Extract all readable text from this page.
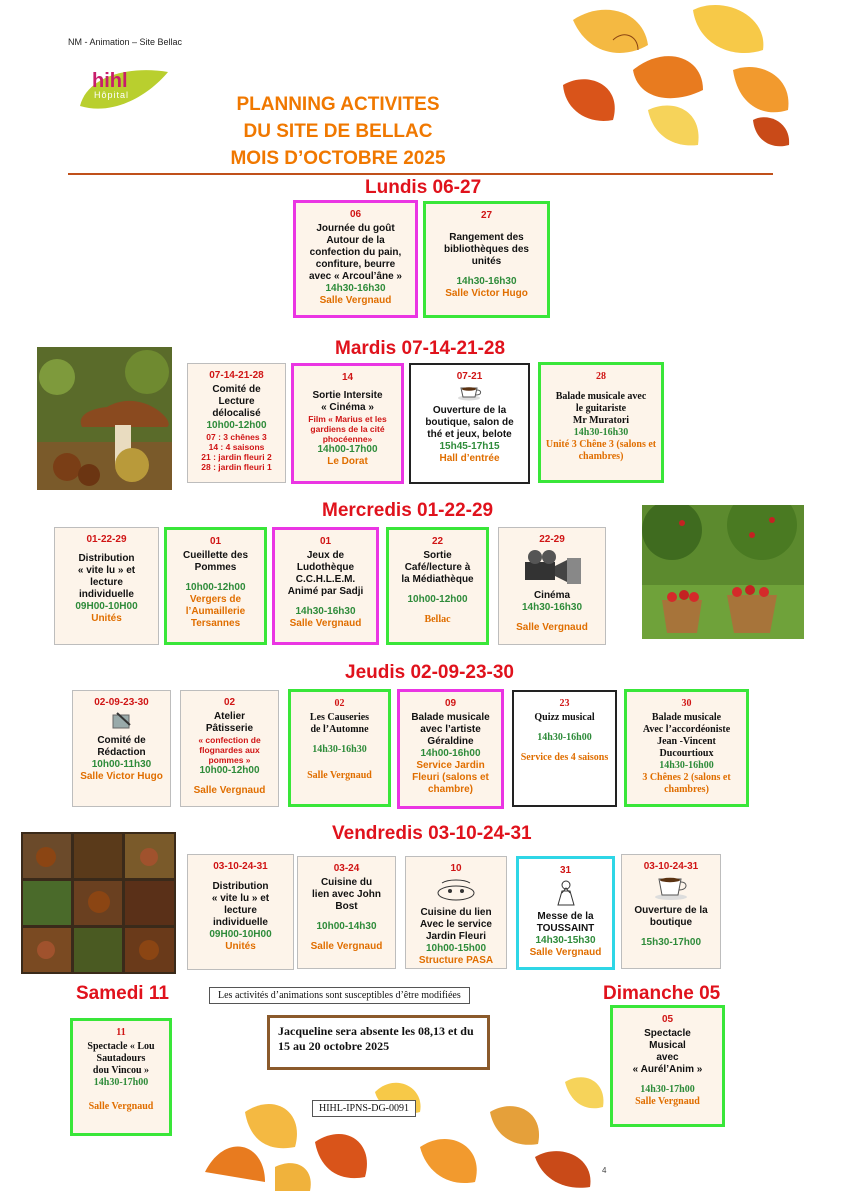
NM - Animation – Site Bellac
hihl
Hôpital	PLANNING ACTIVITES
DU SITE DE BELLAC
MOIS D’OCTOBRE 2025
Lundis 06-27
06
Journée du goût
Autour de la
confection du pain,
confiture, beurre
avec « Arcoul’âne »
14h30-16h30
Salle Vergnaud
27
Rangement des
bibliothèques des
unités
14h30-16h30
Salle Victor Hugo
Mardis 07-14-21-28
07-14-21-28
Comité de
Lecture
délocalisé
10h00-12h00
07 : 3 chênes 3
14 : 4 saisons
21 : jardin fleuri 2
28 : jardin fleuri 1
14
Sortie Intersite
« Cinéma »
Film « Marius et les gardiens de la cité phocéenne»
14h00-17h00
Le Dorat
07-21
Ouverture de la
boutique, salon de
thé et jeux, belote
15h45-17h15
Hall d’entrée
28
Balade musicale avec
le guitariste
Mr Muratori
14h30-16h30
Unité 3 Chêne 3 (salons et chambres)
Mercredis 01-22-29
01-22-29
Distribution
« vite lu » et
lecture
individuelle
09H00-10H00
Unités
01
Cueillette des
Pommes
10h00-12h00
Vergers de l’Aumaillerie Tersannes
01
Jeux de
Ludothèque
C.C.H.L.E.M.
Animé par Sadji
14h30-16h30
Salle Vergnaud
22
Sortie
Café/lecture à
la Médiathèque
10h00-12h00
Bellac
22-29
Cinéma
14h30-16h30
Salle Vergnaud
Jeudis 02-09-23-30
02-09-23-30
Comité de
Rédaction
10h00-11h30
Salle Victor Hugo
02
Atelier
Pâtisserie
« confection de flognardes aux pommes »
10h00-12h00
Salle Vergnaud
02
Les Causeries
de l’Automne
14h30-16h30
Salle Vergnaud
09
Balade musicale
avec l’artiste
Géraldine
14h00-16h00
Service Jardin Fleuri (salons et chambre)
23
Quizz musical
14h30-16h00
Service des 4 saisons
30
Balade musicale
Avec l’accordéoniste
Jean -Vincent
Ducourtioux
14h30-16h00
3 Chênes 2 (salons et chambres)
Vendredis 03-10-24-31
03-10-24-31
Distribution
« vite lu » et
lecture
individuelle
09H00-10H00
Unités
03-24
Cuisine du
lien avec John
Bost
10h00-14h30
Salle Vergnaud
10
Cuisine du lien
Avec le service
Jardin Fleuri
10h00-15h00
Structure PASA
31
Messe de la
TOUSSAINT
14h30-15h30
Salle Vergnaud
03-10-24-31
Ouverture de la
boutique
15h30-17h00
Samedi 11	Dimanche 05
Les activités d’animations sont susceptibles d’être modifiées
11
Spectacle « Lou
Sautadours
dou Vincou »
14h30-17h00
Salle Vergnaud
Jacqueline sera absente les 08,13 et du 15 au 20 octobre 2025
HIHL-IPNS-DG-0091
05
Spectacle
Musical
avec
« Aurél’Anim »
14h30-17h00
Salle Vergnaud
4
